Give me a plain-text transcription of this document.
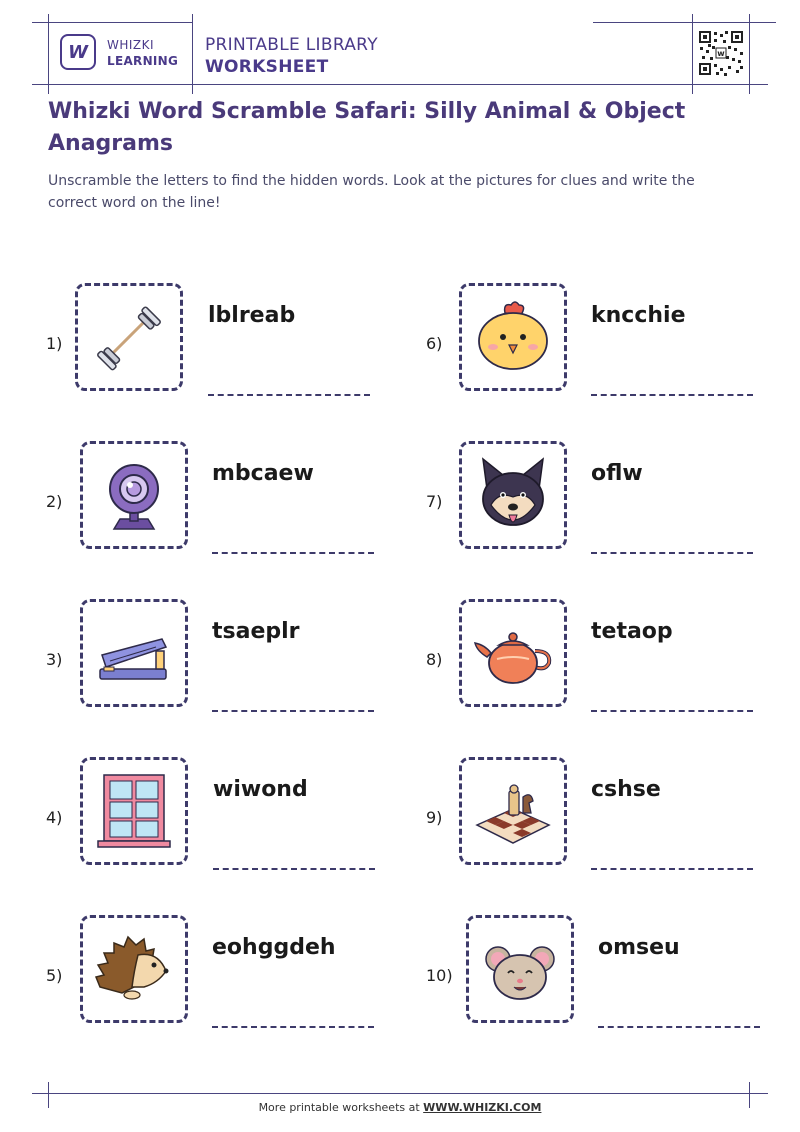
W WHIZKI
LEARNING
PRINTABLE LIBRARY
WORKSHEET
w
Whizki Word Scramble Safari: Silly Animal & Object Anagrams
Unscramble the letters to find the hidden words. Look at the pictures for clues and write the correct word on the line!
1)
lblreab
2)
mbcaew
3)
tsaeplr
4)
wiwond
5)
eohggdeh
6)
kncchie
7)
oflw
8)
tetaop
9)
cshse
10)
omseu
More printable worksheets at WWW.WHIZKI.COM
